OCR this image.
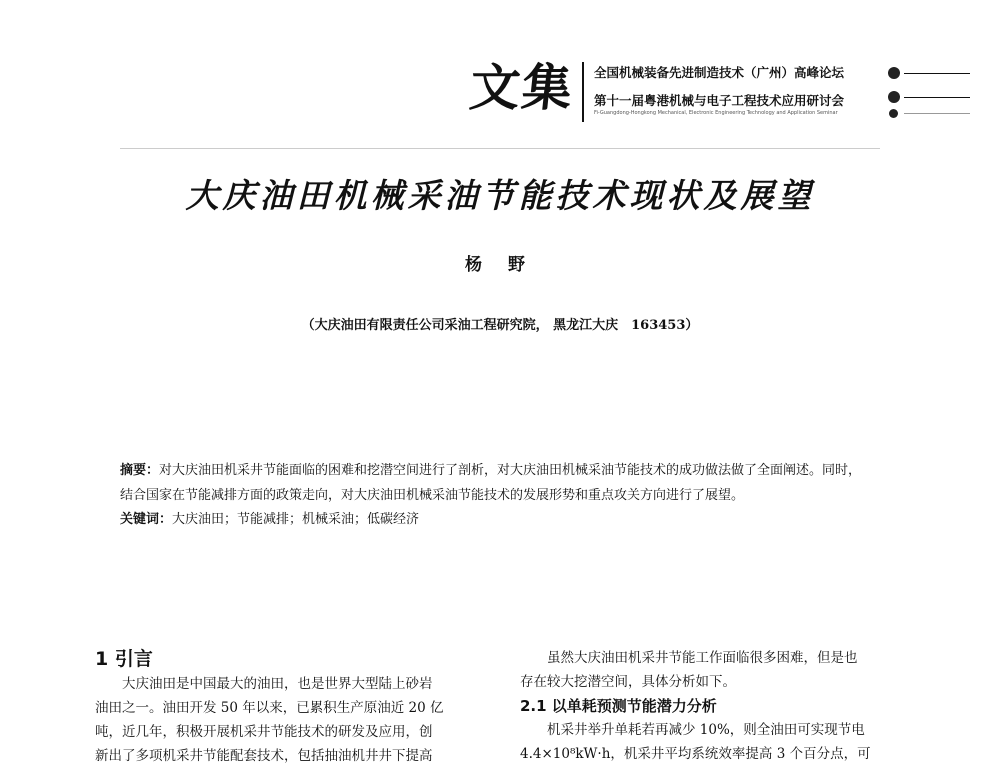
文集 全国机械装备先进制造技术（广州）高峰论坛
第十一届粤港机械与电子工程技术应用研讨会
Fi-Guangdong-Hongkong Mechanical, Electronic Engineering Technology and Application Seminar
大庆油田机械采油节能技术现状及展望
杨 野
（大庆油田有限责任公司采油工程研究院， 黑龙江大庆　163453）
摘要：对大庆油田机采井节能面临的困难和挖潜空间进行了剖析，对大庆油田机械采油节能技术的成功做法做了全面阐述。同时，
结合国家在节能减排方面的政策走向，对大庆油田机械采油节能技术的发展形势和重点攻关方向进行了展望。
关键词：大庆油田；节能减排；机械采油；低碳经济
1 引言

大庆油田是中国最大的油田，也是世界大型陆上砂岩

油田之一。油田开发 50 年以来，已累积生产原油近 20 亿

吨，近几年，积极开展机采井节能技术的研发及应用，创

新出了多项机采井节能配套技术，包括抽油机井井下提高

虽然大庆油田机采井节能工作面临很多困难，但是也

存在较大挖潜空间，具体分析如下。

2.1 以单耗预测节能潜力分析

机采井举升单耗若再减少 10%，则全油田可实现节电

4.4×10⁸kW·h，机采井平均系统效率提高 3 个百分点，可
